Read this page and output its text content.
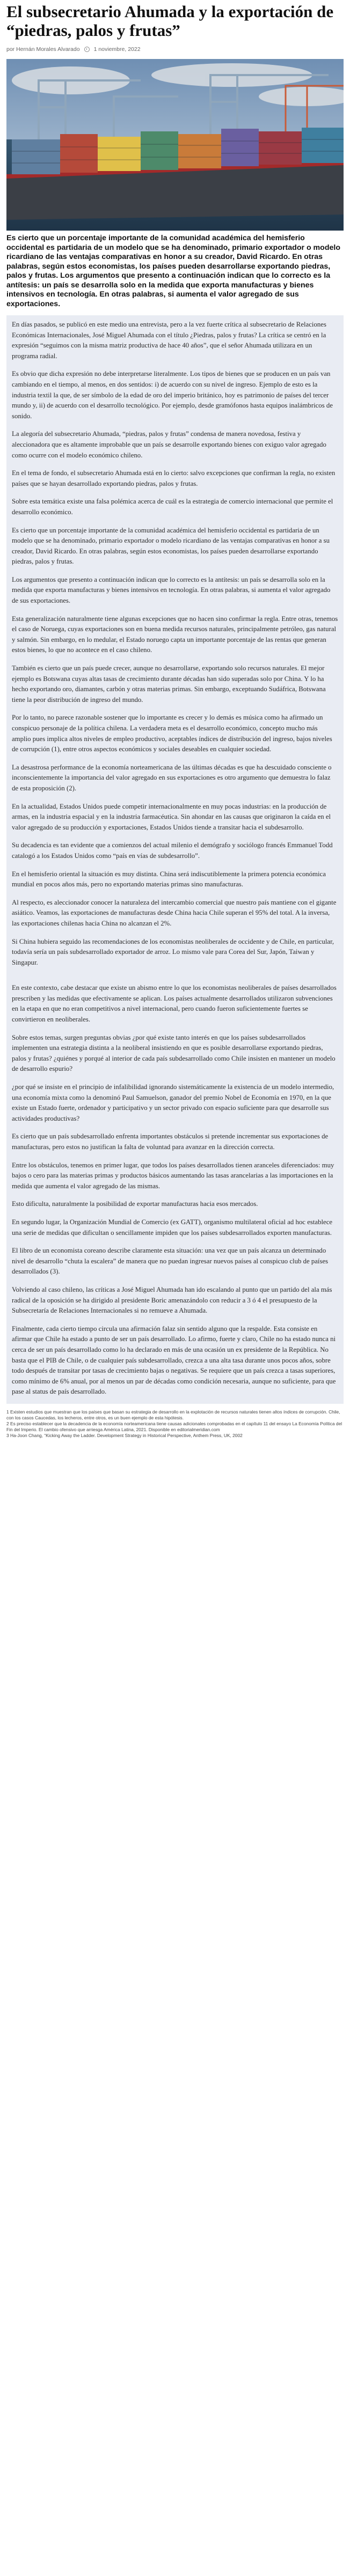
El subsecretario Ahumada y la exportación de “piedras, palos y frutas”
por Hernán Morales Alvarado 1 noviembre, 2022

Es cierto que un porcentaje importante de la comunidad académica del hemisferio occidental es partidaria de un modelo que se ha denominado, primario exportador o modelo ricardiano de las ventajas comparativas en honor a su creador, David Ricardo. En otras palabras, según estos economistas, los países pueden desarrollarse exportando piedras, palos y frutas. Los argumentos que presento a continuación indican que lo correcto es la antítesis: un país se desarrolla solo en la medida que exporta manufacturas y bienes intensivos en tecnología. En otras palabras, si aumenta el valor agregado de sus exportaciones.

En días pasados, se publicó en este medio una entrevista, pero a la vez fuerte crítica al subsecretario de Relaciones Económicas Internacionales, José Miguel Ahumada con el título ¿Piedras, palos y frutas? La crítica se centró en la expresión “seguimos con la misma matriz productiva de hace 40 años”, que el señor Ahumada utilizara en un programa radial.

Es obvio que dicha expresión no debe interpretarse literalmente. Los tipos de bienes que se producen en un país van cambiando en el tiempo, al menos, en dos sentidos: i) de acuerdo con su nivel de ingreso. Ejemplo de esto es la industria textil la que, de ser símbolo de la edad de oro del imperio británico, hoy es patrimonio de países del tercer mundo y, ii) de acuerdo con el desarrollo tecnológico. Por ejemplo, desde gramófonos hasta equipos inalámbricos de sonido.

La alegoría del subsecretario Ahumada, “piedras, palos y frutas” condensa de manera novedosa, festiva y aleccionadora que es altamente improbable que un país se desarrolle exportando bienes con exiguo valor agregado como ocurre con el modelo económico chileno.

En el tema de fondo, el subsecretario Ahumada está en lo cierto: salvo excepciones que confirman la regla, no existen países que se hayan desarrollado exportando piedras, palos y frutas.

Sobre esta temática existe una falsa polémica acerca de cuál es la estrategia de comercio internacional que permite el desarrollo económico.

Es cierto que un porcentaje importante de la comunidad académica del hemisferio occidental es partidaria de un modelo que se ha denominado, primario exportador o modelo ricardiano de las ventajas comparativas en honor a su creador, David Ricardo. En otras palabras, según estos economistas, los países pueden desarrollarse exportando piedras, palos y frutas.

Los argumentos que presento a continuación indican que lo correcto es la antítesis: un país se desarrolla solo en la medida que exporta manufacturas y bienes intensivos en tecnología. En otras palabras, si aumenta el valor agregado de sus exportaciones.

Esta generalización naturalmente tiene algunas excepciones que no hacen sino confirmar la regla. Entre otras, tenemos el caso de Noruega, cuyas exportaciones son en buena medida recursos naturales, principalmente petróleo, gas natural y salmón. Sin embargo, en lo medular, el Estado noruego capta un importante porcentaje de las rentas que generan estos bienes, lo que no acontece en el caso chileno.

También es cierto que un país puede crecer, aunque no desarrollarse, exportando solo recursos naturales. El mejor ejemplo es Botswana cuyas altas tasas de crecimiento durante décadas han sido superadas solo por China. Y lo ha hecho exportando oro, diamantes, carbón y otras materias primas. Sin embargo, exceptuando Sudáfrica, Botswana tiene la peor distribución de ingreso del mundo.

Por lo tanto, no parece razonable sostener que lo importante es crecer y lo demás es música como ha afirmado un conspicuo personaje de la política chilena. La verdadera meta es el desarrollo económico, concepto mucho más amplio pues implica altos niveles de empleo productivo, aceptables índices de distribución del ingreso, bajos niveles de corrupción (1), entre otros aspectos económicos y sociales deseables en cualquier sociedad.

La desastrosa performance de la economía norteamericana de las últimas décadas es que ha descuidado consciente o inconscientemente la importancia del valor agregado en sus exportaciones es otro argumento que demuestra lo falaz de esta proposición (2).

En la actualidad, Estados Unidos puede competir internacionalmente en muy pocas industrias: en la producción de armas, en la industria espacial y en la industria farmacéutica. Sin ahondar en las causas que originaron la caída en el valor agregado de su producción y exportaciones, Estados Unidos tiende a transitar hacia el subdesarrollo.

Su decadencia es tan evidente que a comienzos del actual milenio el demógrafo y sociólogo francés Emmanuel Todd catalogó a los Estados Unidos como “país en vías de subdesarrollo”.

En el hemisferio oriental la situación es muy distinta. China será indiscutiblemente la primera potencia económica mundial en pocos años más, pero no exportando materias primas sino manufacturas.

Al respecto, es aleccionador conocer la naturaleza del intercambio comercial que nuestro país mantiene con el gigante asiático. Veamos, las exportaciones de manufacturas desde China hacia Chile superan el 95% del total. A la inversa, las exportaciones chilenas hacia China no alcanzan el 2%.

Si China hubiera seguido las recomendaciones de los economistas neoliberales de occidente y de Chile, en particular, todavía sería un país subdesarrollado exportador de arroz. Lo mismo vale para Corea del Sur, Japón, Taiwan y Singapur.

En este contexto, cabe destacar que existe un abismo entre lo que los economistas neoliberales de países desarrollados prescriben y las medidas que efectivamente se aplican. Los países actualmente desarrollados utilizaron subvenciones en la etapa en que no eran competitivos a nivel internacional, pero cuando fueron suficientemente fuertes se convirtieron en neoliberales.

Sobre estos temas, surgen preguntas obvias ¿por qué existe tanto interés en que los países subdesarrollados implementen una estrategia distinta a la neoliberal insistiendo en que es posible desarrollarse exportando piedras, palos y frutas? ¿quiénes y porqué al interior de cada país subdesarrollado como Chile insisten en mantener un modelo de desarrollo espurio?

¿por qué se insiste en el principio de infalibilidad ignorando sistemáticamente la existencia de un modelo intermedio, una economía mixta como la denominó Paul Samuelson, ganador del premio Nobel de Economía en 1970, en la que existe un Estado fuerte, ordenador y participativo y un sector privado con espacio suficiente para que desarrolle sus actividades productivas?

Es cierto que un país subdesarrollado enfrenta importantes obstáculos si pretende incrementar sus exportaciones de manufacturas, pero estos no justifican la falta de voluntad para avanzar en la dirección correcta.

Entre los obstáculos, tenemos en primer lugar, que todos los países desarrollados tienen aranceles diferenciados: muy bajos o cero para las materias primas y productos básicos aumentando las tasas arancelarias a las importaciones en la medida que aumenta el valor agregado de las mismas.

Esto dificulta, naturalmente la posibilidad de exportar manufacturas hacia esos mercados.

En segundo lugar, la Organización Mundial de Comercio (ex GATT), organismo multilateral oficial ad hoc establece una serie de medidas que dificultan o sencillamente impiden que los países subdesarrollados exporten manufacturas.

El libro de un economista coreano describe claramente esta situación: una vez que un país alcanza un determinado nivel de desarrollo “chuta la escalera” de manera que no puedan ingresar nuevos países al conspicuo club de países desarrollados (3).

Volviendo al caso chileno, las críticas a José Miguel Ahumada han ido escalando al punto que un partido del ala más radical de la oposición se ha dirigido al presidente Boric amenazándolo con reducir a 3 ó 4 el presupuesto de la Subsecretaría de Relaciones Internacionales si no remueve a Ahumada.

Finalmente, cada cierto tiempo circula una afirmación falaz sin sentido alguno que la respalde. Esta consiste en afirmar que Chile ha estado a punto de ser un país desarrollado. Lo afirmo, fuerte y claro, Chile no ha estado nunca ni cerca de ser un país desarrollado como lo ha declarado en más de una ocasión un ex presidente de la República. No basta que el PIB de Chile, o de cualquier país subdesarrollado, crezca a una alta tasa durante unos pocos años, sobre todo después de transitar por tasas de crecimiento bajas o negativas. Se requiere que un país crezca a tasas superiores, como mínimo de 6% anual, por al menos un par de décadas como condición necesaria, aunque no suficiente, para que pase al status de país desarrollado.

1 Existen estudios que muestran que los países que basan su estrategia de desarrollo en la explotación de recursos naturales tienen altos índices de corrupción. Chile, con los casos Caucedas, los lecheros, entre otros, es un buen ejemplo de esta hipótesis.
2 Es preciso establecer que la decadencia de la economía norteamericana tiene causas adicionales comprobadas en el capítulo 11 del ensayo La Economía Política del Fin del Imperio. El cambio ofensivo que arriesga América Latina, 2021. Disponible en editorialmeridian.com
3 Ha-Joon Chang, “Kicking Away the Ladder. Development Strategy in Historical Perspective, Anthem Press, UK, 2002
